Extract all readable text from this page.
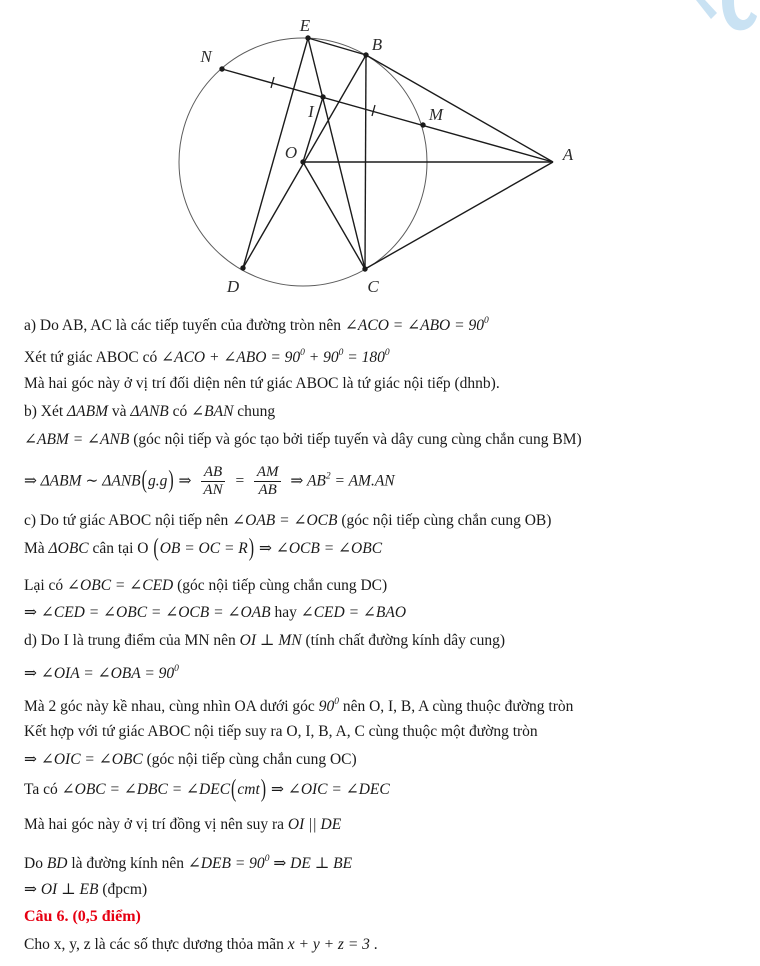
E
B
N
I	M
O	A
D	C
a) Do AB, AC là các tiếp tuyến của đường tròn nên ∠ACO = ∠ABO = $90^0$
Xét tứ giác ABOC có ∠ACO + ∠ABO = $90^0 + 90^0 = 180^0$
Mà hai góc này ở vị trí đối diện nên tứ giác ABOC là tứ giác nội tiếp (dhnb).
b) Xét ΔABM và ΔANB có ∠BAN chung
∠ABM = ∠ANB (góc nội tiếp và góc tạo bởi tiếp tuyến và dây cung cùng chắn cung BM)
⇒ ΔABM ∼ ΔANB(g.g) ⇒ $\frac{AB}{AN} = \frac{AM}{AB}$ ⇒ $AB^2 = AM.AN$
c) Do tứ giác ABOC nội tiếp nên ∠OAB = ∠OCB (góc nội tiếp cùng chắn cung OB)
Mà ΔOBC cân tại O (OB = OC = R) ⇒ ∠OCB = ∠OBC
Lại có ∠OBC = ∠CED (góc nội tiếp cùng chắn cung DC)
⇒ ∠CED = ∠OBC = ∠OCB = ∠OAB hay ∠CED = ∠BAO
d) Do I là trung điểm của MN nên OI ⊥ MN (tính chất đường kính dây cung)
⇒ ∠OIA = ∠OBA = $90^0$
Mà 2 góc này kề nhau, cùng nhìn OA dưới góc $90^0$ nên O, I, B, A cùng thuộc đường tròn
Kết hợp với tứ giác ABOC nội tiếp suy ra O, I, B, A, C cùng thuộc một đường tròn
⇒ ∠OIC = ∠OBC (góc nội tiếp cùng chắn cung OC)
Ta có ∠OBC = ∠DBC = ∠DEC(cmt) ⇒ ∠OIC = ∠DEC
Mà hai góc này ở vị trí đồng vị nên suy ra OI || DE
Do BD là đường kính nên ∠DEB = $90^0$ ⇒ DE ⊥ BE
⇒ OI ⊥ EB (đpcm)
Câu 6. (0,5 điểm)
Cho x, y, z là các số thực dương thỏa mãn x + y + z = 3 .
